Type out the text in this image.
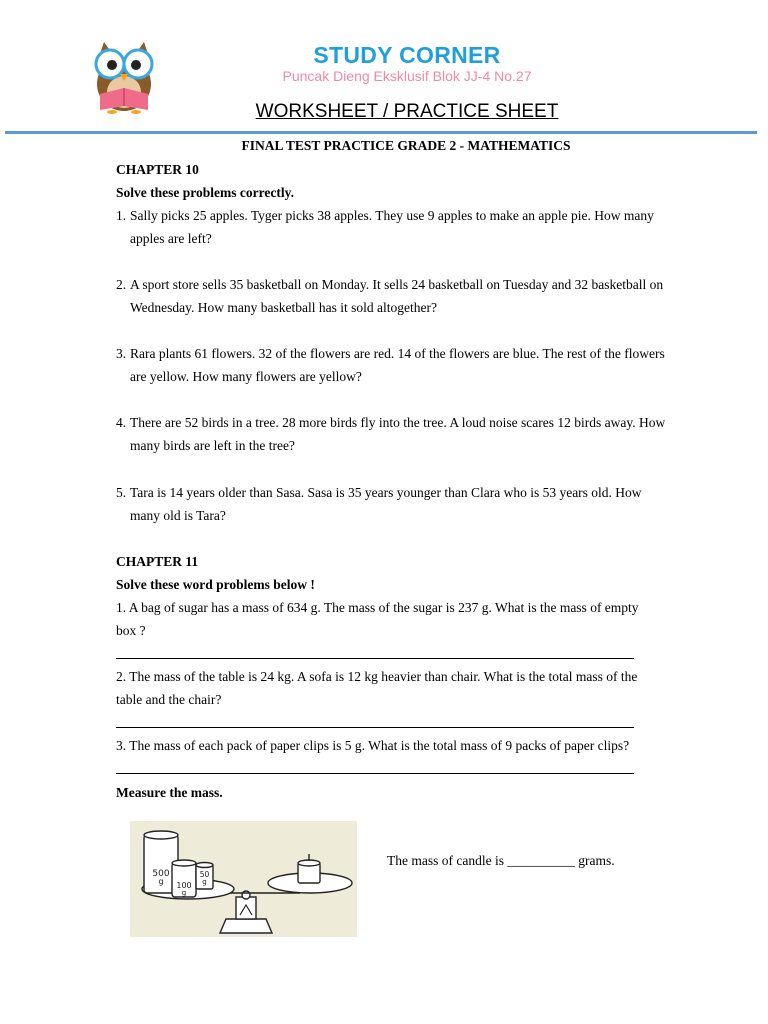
STUDY CORNER
Puncak Dieng Eksklusif Blok JJ-4 No.27
WORKSHEET / PRACTICE SHEET
FINAL TEST PRACTICE GRADE 2 - MATHEMATICS
CHAPTER 10
Solve these problems correctly.
1. Sally picks 25 apples. Tyger picks 38 apples. They use 9 apples to make an apple pie. How many
apples are left?
2. A sport store sells 35 basketball on Monday. It sells 24 basketball on Tuesday and 32 basketball on
Wednesday. How many basketball has it sold altogether?
3. Rara plants 61 flowers. 32 of the flowers are red. 14 of the flowers are blue. The rest of the flowers
are yellow. How many flowers are yellow?
4. There are 52 birds in a tree. 28 more birds fly into the tree. A loud noise scares 12 birds away. How
many birds are left in the tree?
5. Tara is 14 years older than Sasa. Sasa is 35 years younger than Clara who is 53 years old. How
many old is Tara?
CHAPTER 11
Solve these word problems below !
1. A bag of sugar has a mass of 634 g. The mass of the sugar is 237 g. What is the mass of empty
box ?
2. The mass of the table is 24 kg. A sofa is 12 kg heavier than chair. What is the total mass of the
table and the chair?
3. The mass of each pack of paper clips is 5 g. What is the total mass of 9 packs of paper clips?
Measure the mass.
500
g 100
g
50
g
The mass of candle is __________ grams.
